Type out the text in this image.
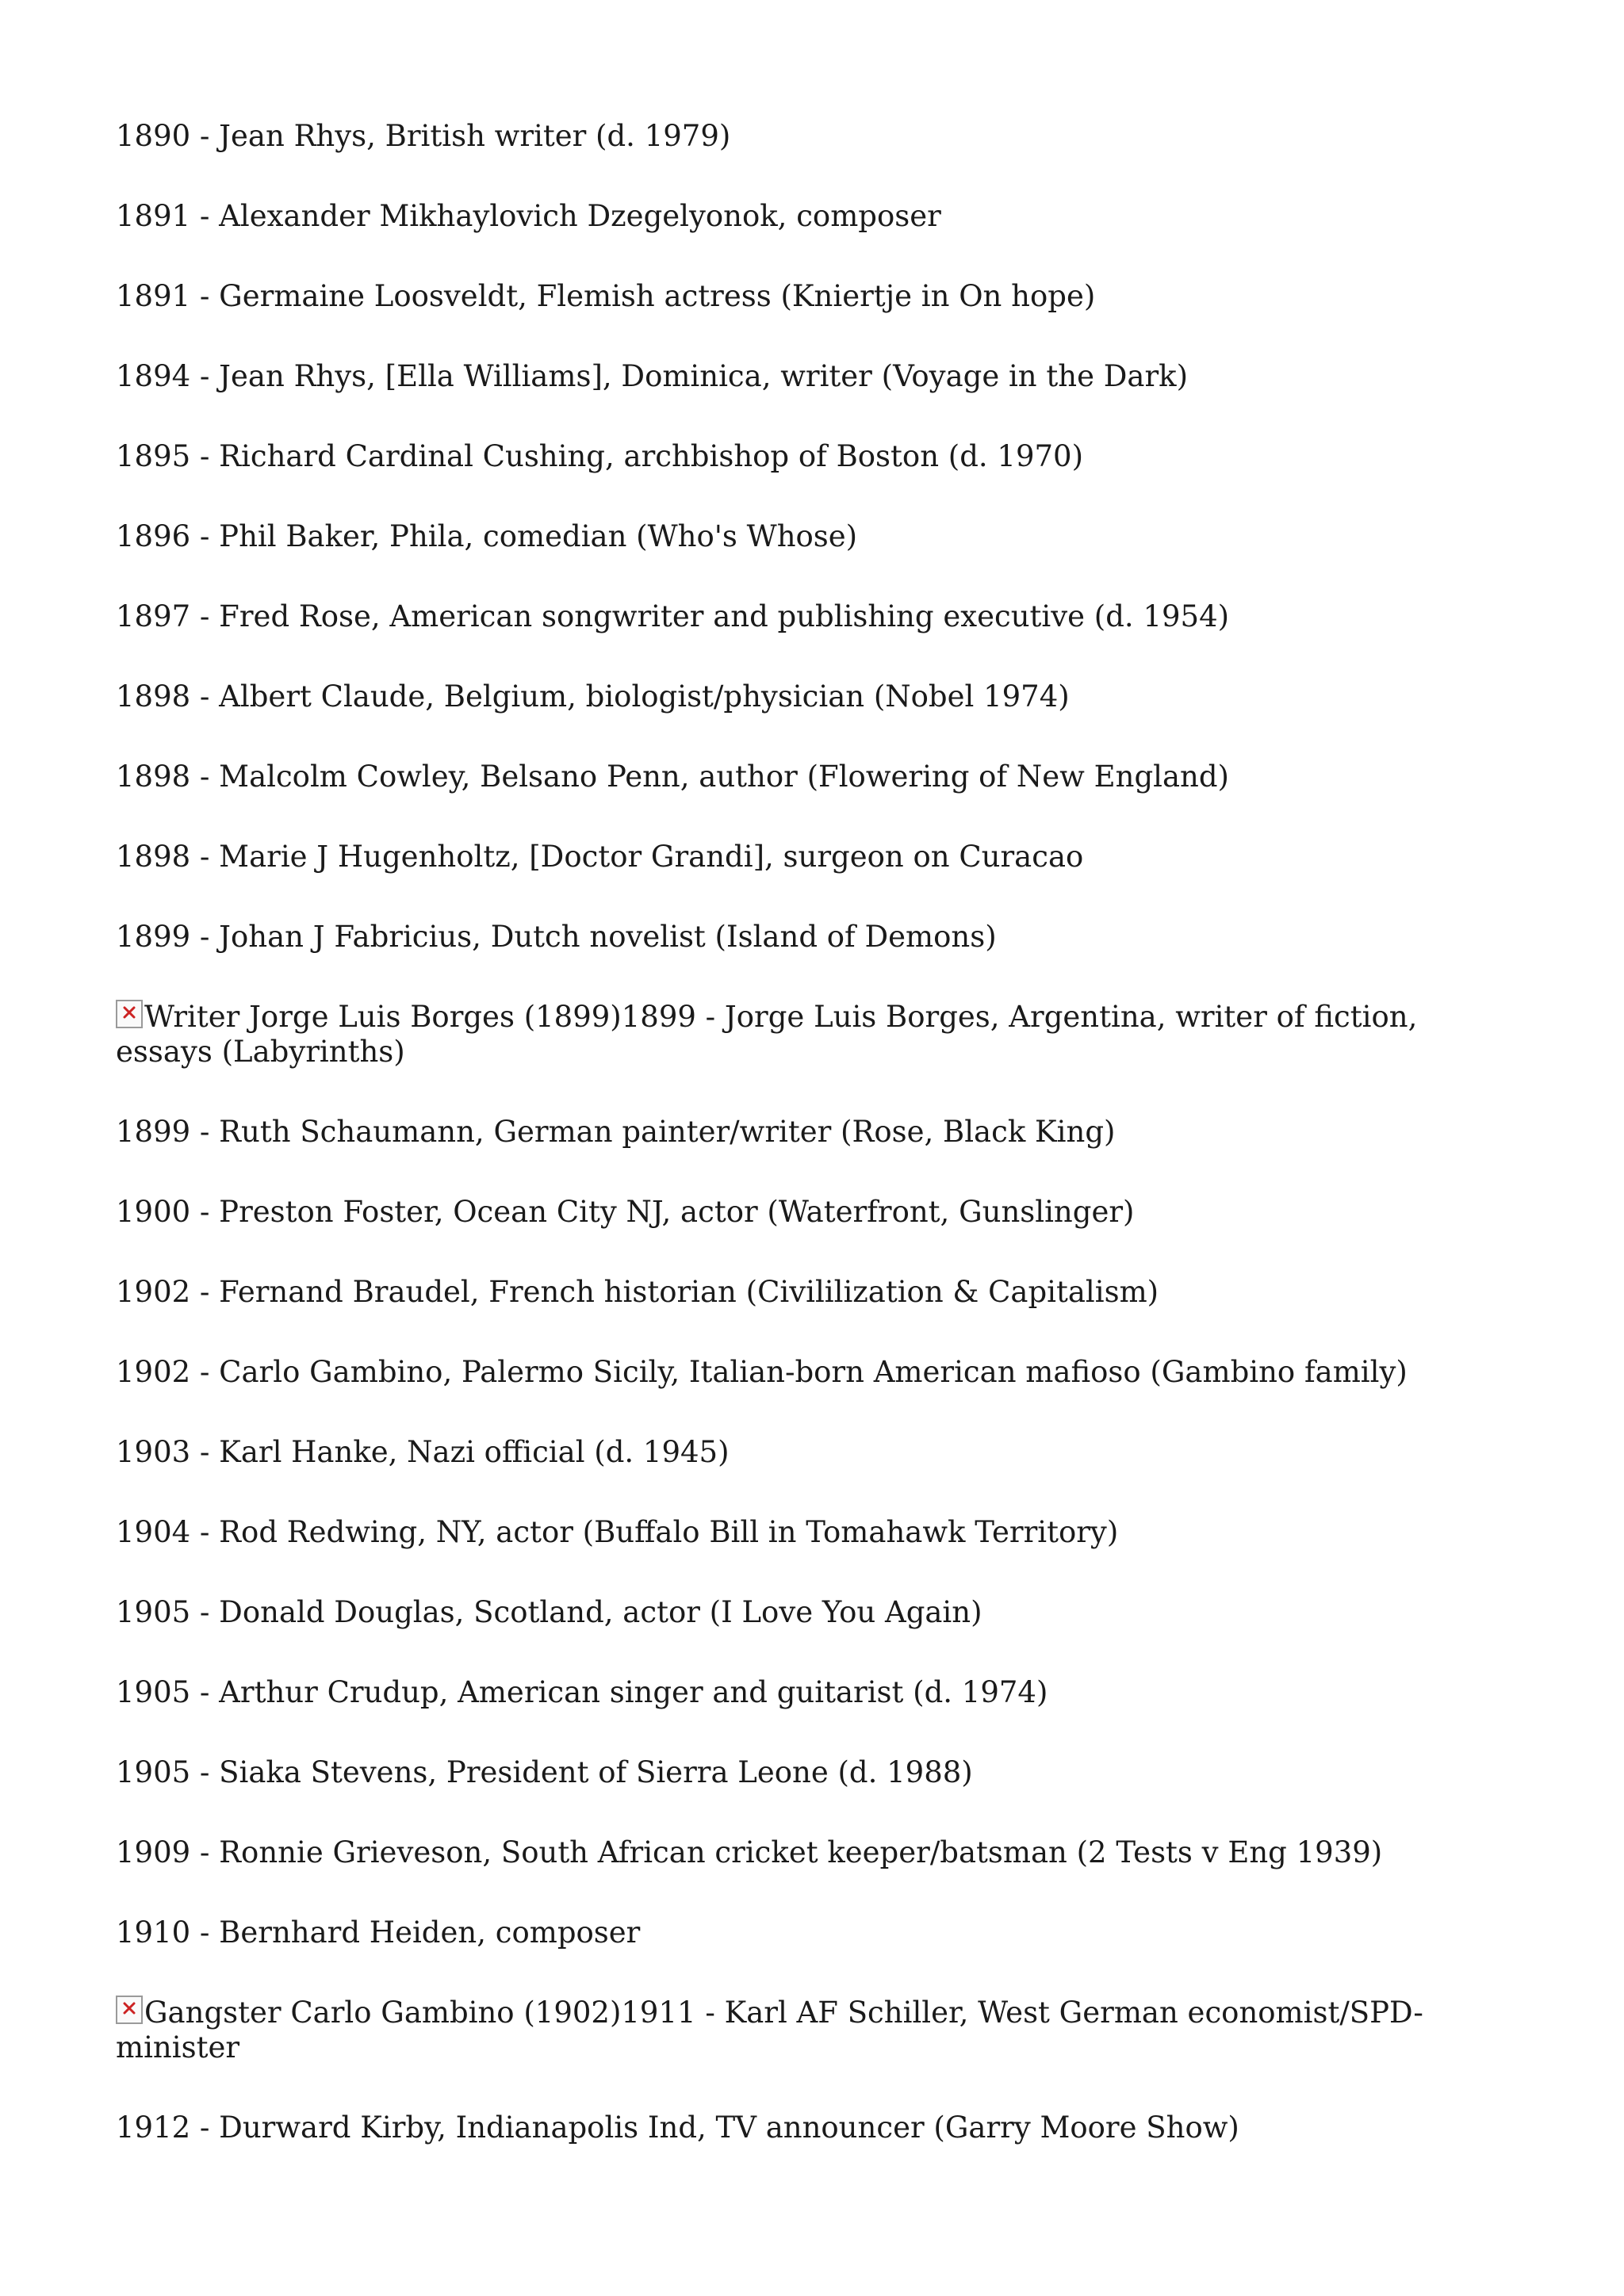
1890 - Jean Rhys, British writer (d. 1979)

1891 - Alexander Mikhaylovich Dzegelyonok, composer

1891 - Germaine Loosveldt, Flemish actress (Kniertje in On hope)

1894 - Jean Rhys, [Ella Williams], Dominica, writer (Voyage in the Dark)

1895 - Richard Cardinal Cushing, archbishop of Boston (d. 1970)

1896 - Phil Baker, Phila, comedian (Who's Whose)

1897 - Fred Rose, American songwriter and publishing executive (d. 1954)

1898 - Albert Claude, Belgium, biologist/physician (Nobel 1974)

1898 - Malcolm Cowley, Belsano Penn, author (Flowering of New England)

1898 - Marie J Hugenholtz, [Doctor Grandi], surgeon on Curacao

1899 - Johan J Fabricius, Dutch novelist (Island of Demons)

Writer Jorge Luis Borges (1899)1899 - Jorge Luis Borges, Argentina, writer of fiction, essays (Labyrinths)

1899 - Ruth Schaumann, German painter/writer (Rose, Black King)

1900 - Preston Foster, Ocean City NJ, actor (Waterfront, Gunslinger)

1902 - Fernand Braudel, French historian (Civililization & Capitalism)

1902 - Carlo Gambino, Palermo Sicily, Italian-born American mafioso (Gambino family)

1903 - Karl Hanke, Nazi official (d. 1945)

1904 - Rod Redwing, NY, actor (Buffalo Bill in Tomahawk Territory)

1905 - Donald Douglas, Scotland, actor (I Love You Again)

1905 - Arthur Crudup, American singer and guitarist (d. 1974)

1905 - Siaka Stevens, President of Sierra Leone (d. 1988)

1909 - Ronnie Grieveson, South African cricket keeper/batsman (2 Tests v Eng 1939)

1910 - Bernhard Heiden, composer

Gangster Carlo Gambino (1902)1911 - Karl AF Schiller, West German economist/SPD-minister

1912 - Durward Kirby, Indianapolis Ind, TV announcer (Garry Moore Show)
